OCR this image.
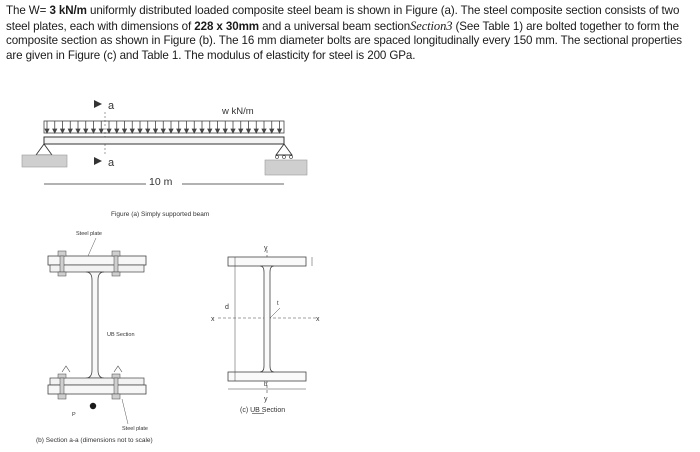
The W= 3 kN/m uniformly distributed loaded composite steel beam is shown in Figure (a). The steel composite section consists of two steel plates, each with dimensions of 228 x 30mm and a universal beam sectionSection3 (See Table 1) are bolted together to form the composite section as shown in Figure (b). The 16 mm diameter bolts are spaced longitudinally every 150 mm. The sectional properties are given in Figure (c) and Table 1. The modulus of elasticity for steel is 200 GPa.
a
a
w kN/m
10 m
Figure (a) Simply supported beam
Steel plate
UB Section
P
Steel plate
(b) Section a-a (dimensions not to scale)
y
x	x
d	t
b
y
(c) UB Section
